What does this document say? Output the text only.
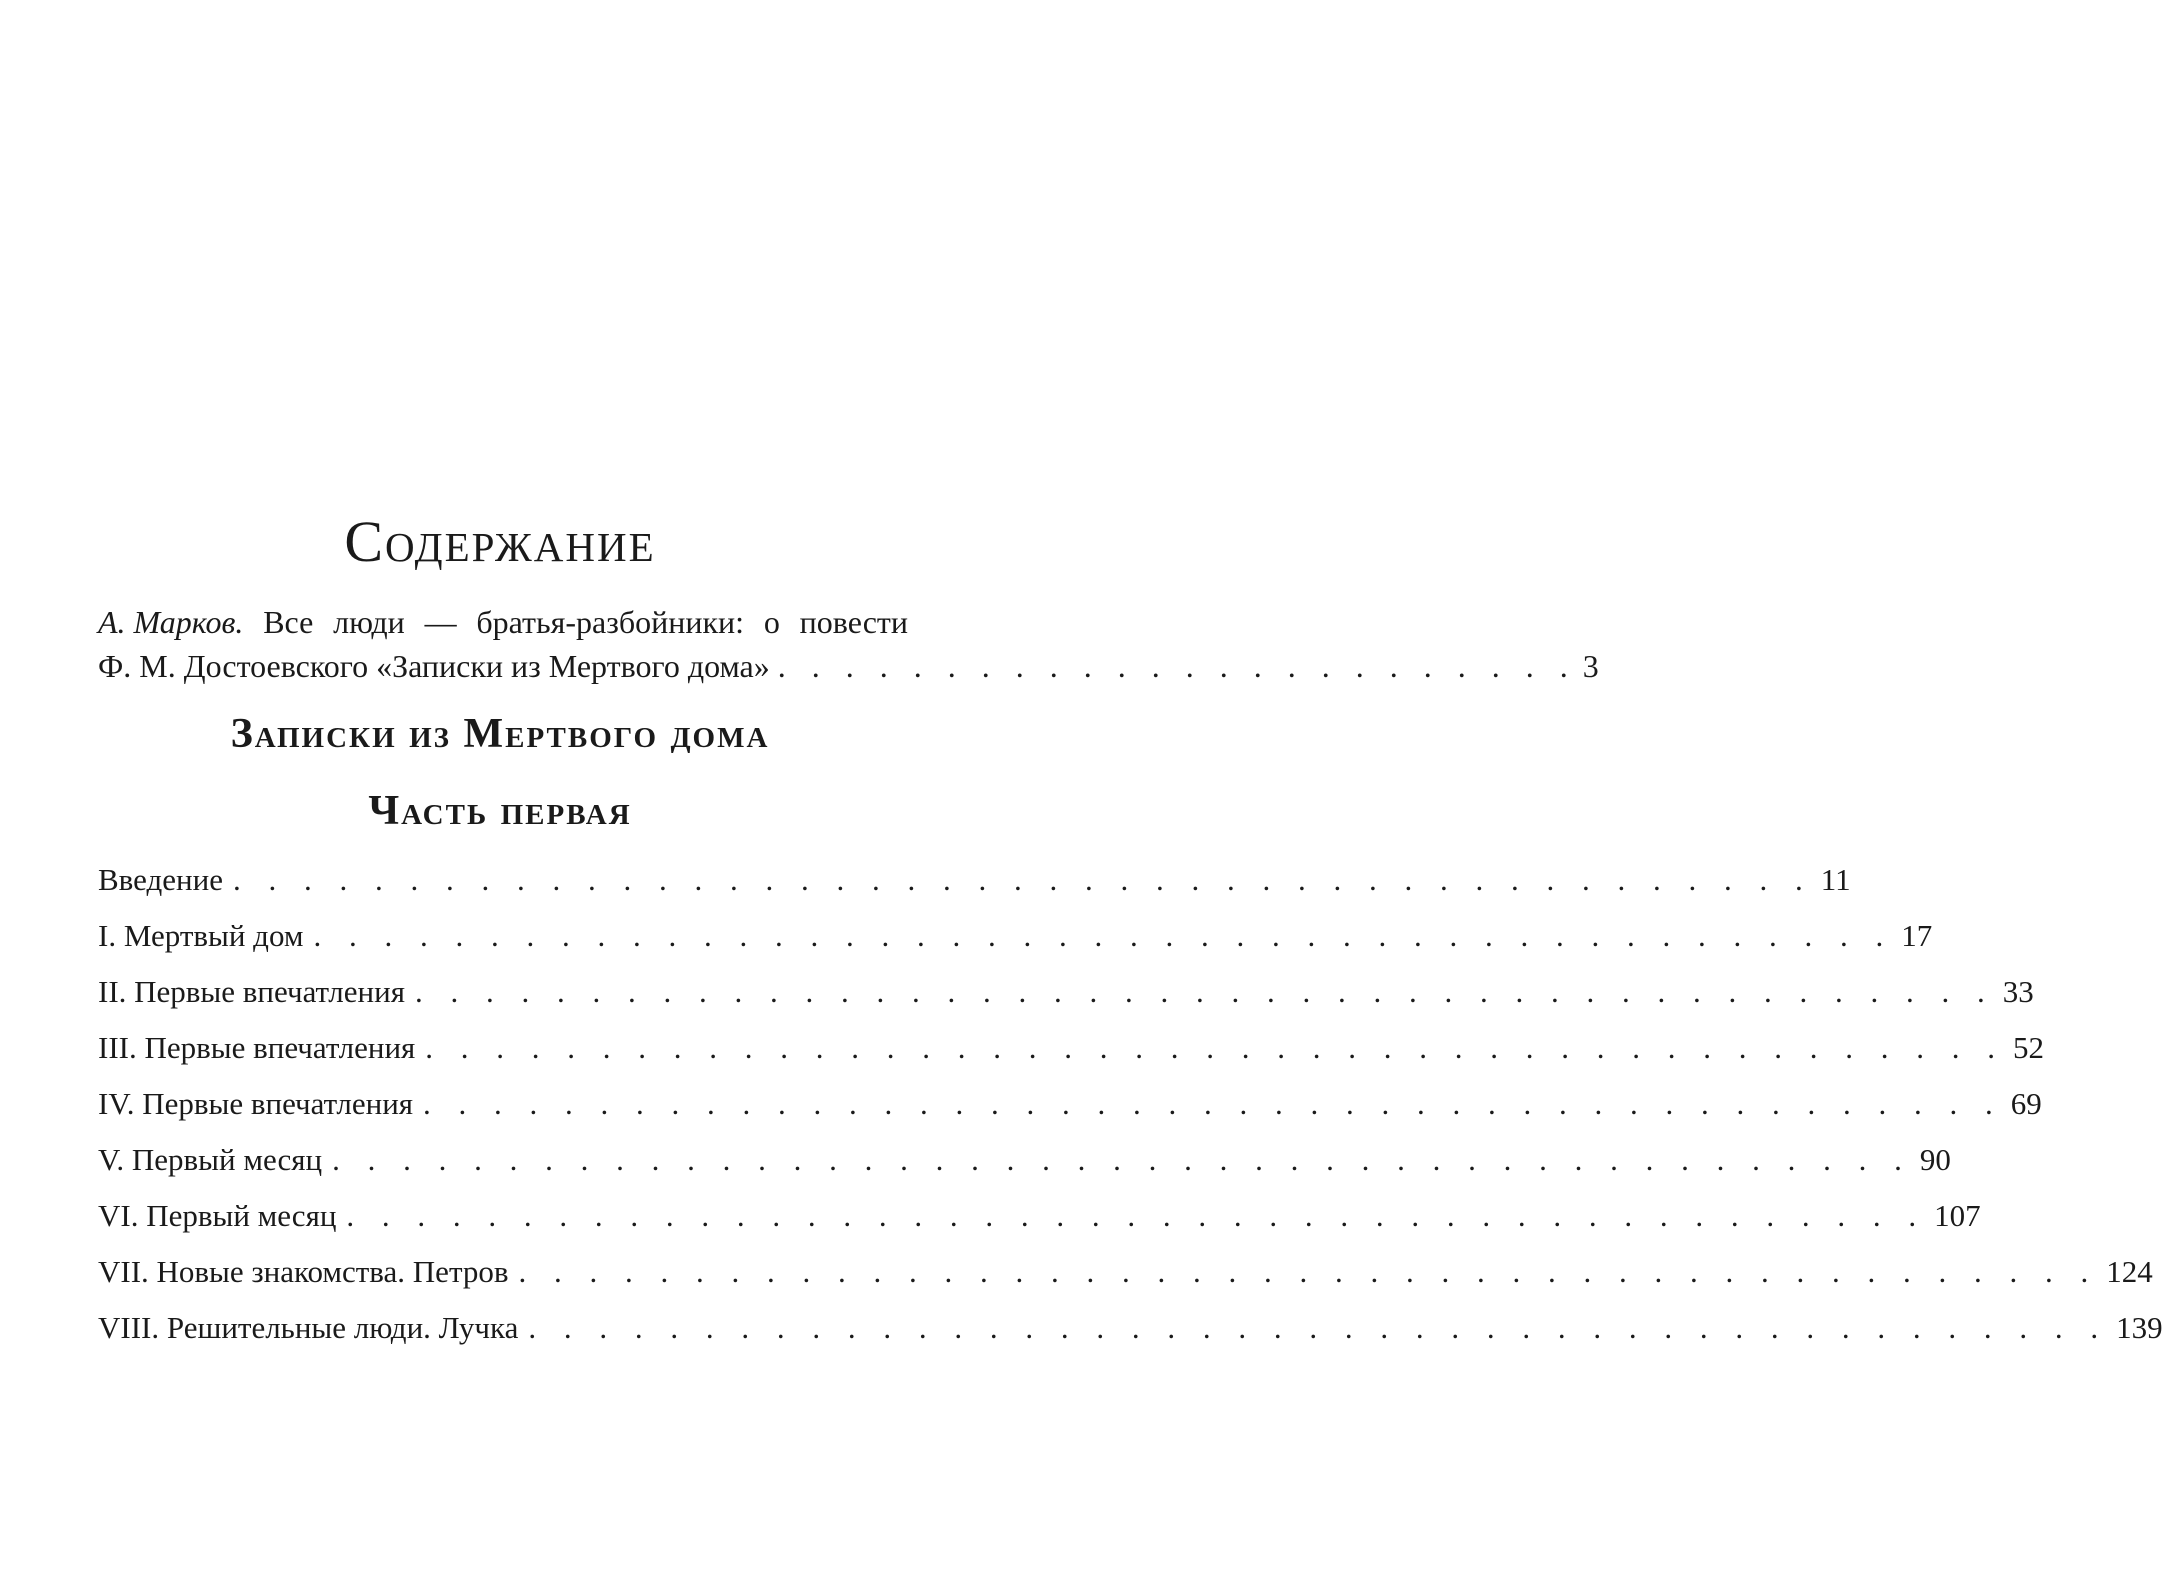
Содержание
А. Марков. Все люди — братья-разбойники: о повести
Ф. М. Достоевского «Записки из Мертвого дома» . . . . . . . . . . . . . . . . . . . . . . . . 3
Записки из Мертвого дома
Часть первая
Введение . . . . . . . . . . . . . . . . . . . . . . . . . . . . . . . . . . . . . . . . . . . . . 11
I. Мертвый дом . . . . . . . . . . . . . . . . . . . . . . . . . . . . . . . . . . . . . . . . . . . . . 17
II. Первые впечатления . . . . . . . . . . . . . . . . . . . . . . . . . . . . . . . . . . . . . . . . . . . . . 33
III. Первые впечатления . . . . . . . . . . . . . . . . . . . . . . . . . . . . . . . . . . . . . . . . . . . . . 52
IV. Первые впечатления . . . . . . . . . . . . . . . . . . . . . . . . . . . . . . . . . . . . . . . . . . . . . 69
V. Первый месяц . . . . . . . . . . . . . . . . . . . . . . . . . . . . . . . . . . . . . . . . . . . . . 90
VI. Первый месяц . . . . . . . . . . . . . . . . . . . . . . . . . . . . . . . . . . . . . . . . . . . . . 107
VII. Новые знакомства. Петров . . . . . . . . . . . . . . . . . . . . . . . . . . . . . . . . . . . . . . . . . . . . . 124
VIII. Решительные люди. Лучка . . . . . . . . . . . . . . . . . . . . . . . . . . . . . . . . . . . . . . . . . . . . . 139
